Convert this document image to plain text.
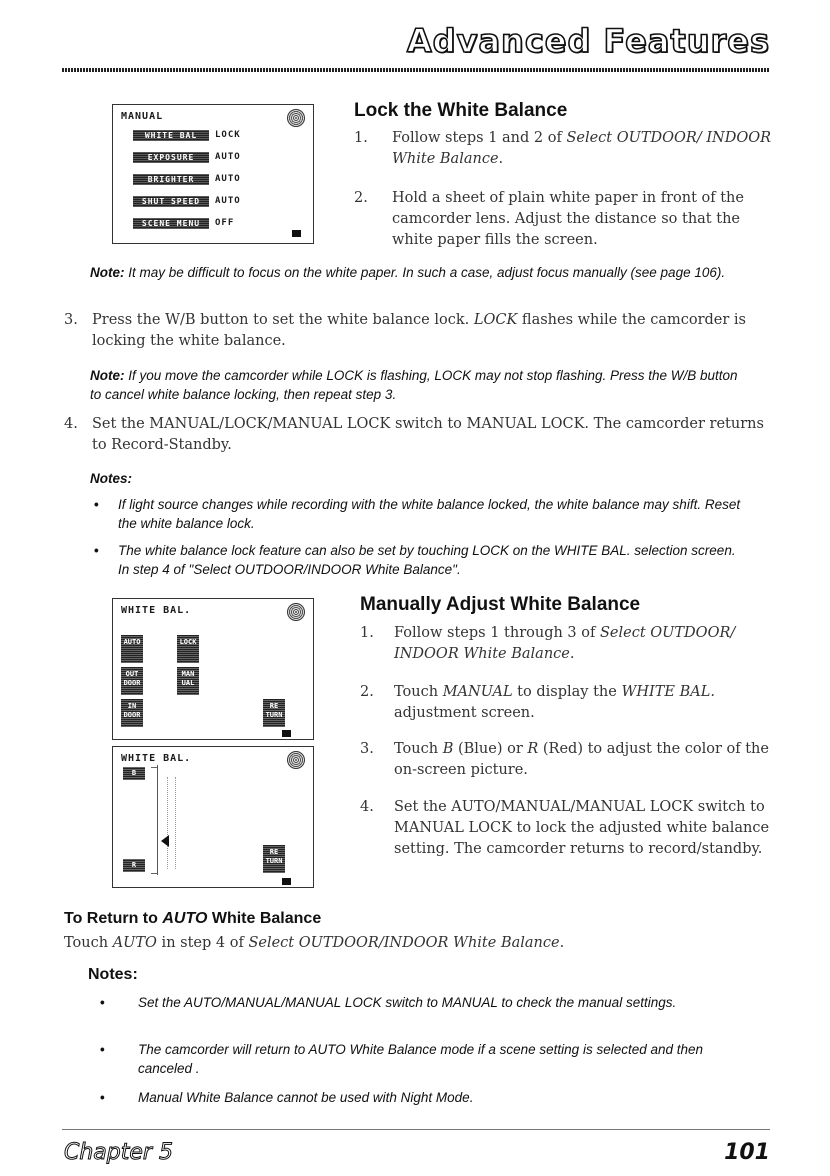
Advanced Features
MANUAL
WHITE BAL	LOCK
EXPOSURE	AUTO
BRIGHTER	AUTO
SHUT SPEED	AUTO
SCENE MENU	OFF
Lock the White Balance
1.	Follow steps 1 and 2 of Select OUTDOOR/ INDOOR White Balance.
2.	Hold a sheet of plain white paper in front of the camcorder lens. Adjust the distance so that the white paper fills the screen.
Note: It may be difficult to focus on the white paper. In such a case, adjust focus manually (see page 106).
3. Press the W/B button to set the white balance lock. LOCK flashes while the camcorder is locking the white balance.
Note: If you move the camcorder while LOCK is flashing, LOCK may not stop flashing. Press the W/B button to cancel white balance locking, then repeat step 3.
4. Set the MANUAL/LOCK/MANUAL LOCK switch to MANUAL LOCK. The camcorder returns to Record-Standby.
Notes:
• If light source changes while recording with the white balance locked, the white balance may shift. Reset the white balance lock.
• The white balance lock feature can also be set by touching LOCK on the WHITE BAL. selection screen. In step 4 of "Select OUTDOOR/INDOOR White Balance".
WHITE BAL.
AUTO	LOCK
OUT DOOR
MAN UAL
IN DOOR
RE TURN
WHITE BAL.
B
R
RE TURN
Manually Adjust White Balance
1.	Follow steps 1 through 3 of Select OUTDOOR/ INDOOR White Balance.
2.	Touch MANUAL to display the WHITE BAL. adjustment screen.
3.	Touch B (Blue) or R (Red) to adjust the color of the on-screen picture.
4.	Set the AUTO/MANUAL/MANUAL LOCK switch to MANUAL LOCK to lock the adjusted white balance setting. The camcorder returns to record/standby.
To Return to AUTO White Balance
Touch AUTO in step 4 of Select OUTDOOR/INDOOR White Balance.
Notes:
• Set the AUTO/MANUAL/MANUAL LOCK switch to MANUAL to check the manual settings.
• The camcorder will return to AUTO White Balance mode if a scene setting is selected and then canceled .
• Manual White Balance cannot be used with Night Mode.
Chapter 5	101
